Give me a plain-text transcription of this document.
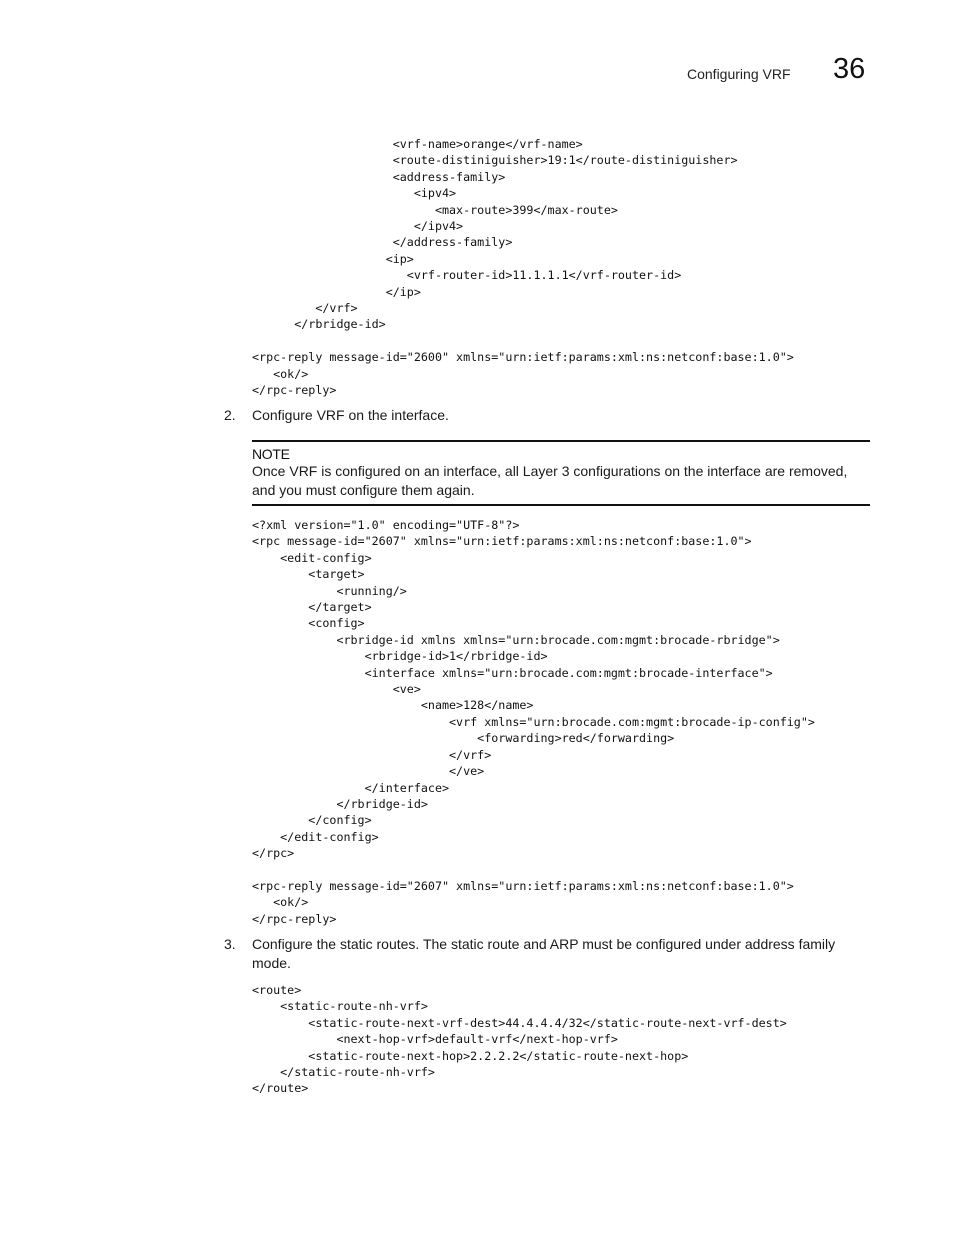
Configuring VRF 36
<vrf-name>orange</vrf-name>
<route-distiniguisher>19:1</route-distiniguisher>
<address-family>
<ipv4>
<max-route>399</max-route>
</ipv4>
</address-family>
<ip>
<vrf-router-id>11.1.1.1</vrf-router-id>
</ip>
</vrf>
</rbridge-id>

<rpc-reply message-id="2600" xmlns="urn:ietf:params:xml:ns:netconf:base:1.0">
<ok/>
</rpc-reply>
2. Configure VRF on the interface.
NOTE
Once VRF is configured on an interface, all Layer 3 configurations on the interface are removed, and you must configure them again.
<?xml version="1.0" encoding="UTF-8"?>
<rpc message-id="2607" xmlns="urn:ietf:params:xml:ns:netconf:base:1.0">
<edit-config>
<target>
<running/>
</target>
<config>
<rbridge-id xmlns xmlns="urn:brocade.com:mgmt:brocade-rbridge">
<rbridge-id>1</rbridge-id>
<interface xmlns="urn:brocade.com:mgmt:brocade-interface">
<ve>
<name>128</name>
<vrf xmlns="urn:brocade.com:mgmt:brocade-ip-config">
<forwarding>red</forwarding>
</vrf>
</ve>
</interface>
</rbridge-id>
</config>
</edit-config>
</rpc>

<rpc-reply message-id="2607" xmlns="urn:ietf:params:xml:ns:netconf:base:1.0">
<ok/>
</rpc-reply>
3. Configure the static routes. The static route and ARP must be configured under address family mode.
<route>
<static-route-nh-vrf>
<static-route-next-vrf-dest>44.4.4.4/32</static-route-next-vrf-dest>
<next-hop-vrf>default-vrf</next-hop-vrf>
<static-route-next-hop>2.2.2.2</static-route-next-hop>
</static-route-nh-vrf>
</route>
